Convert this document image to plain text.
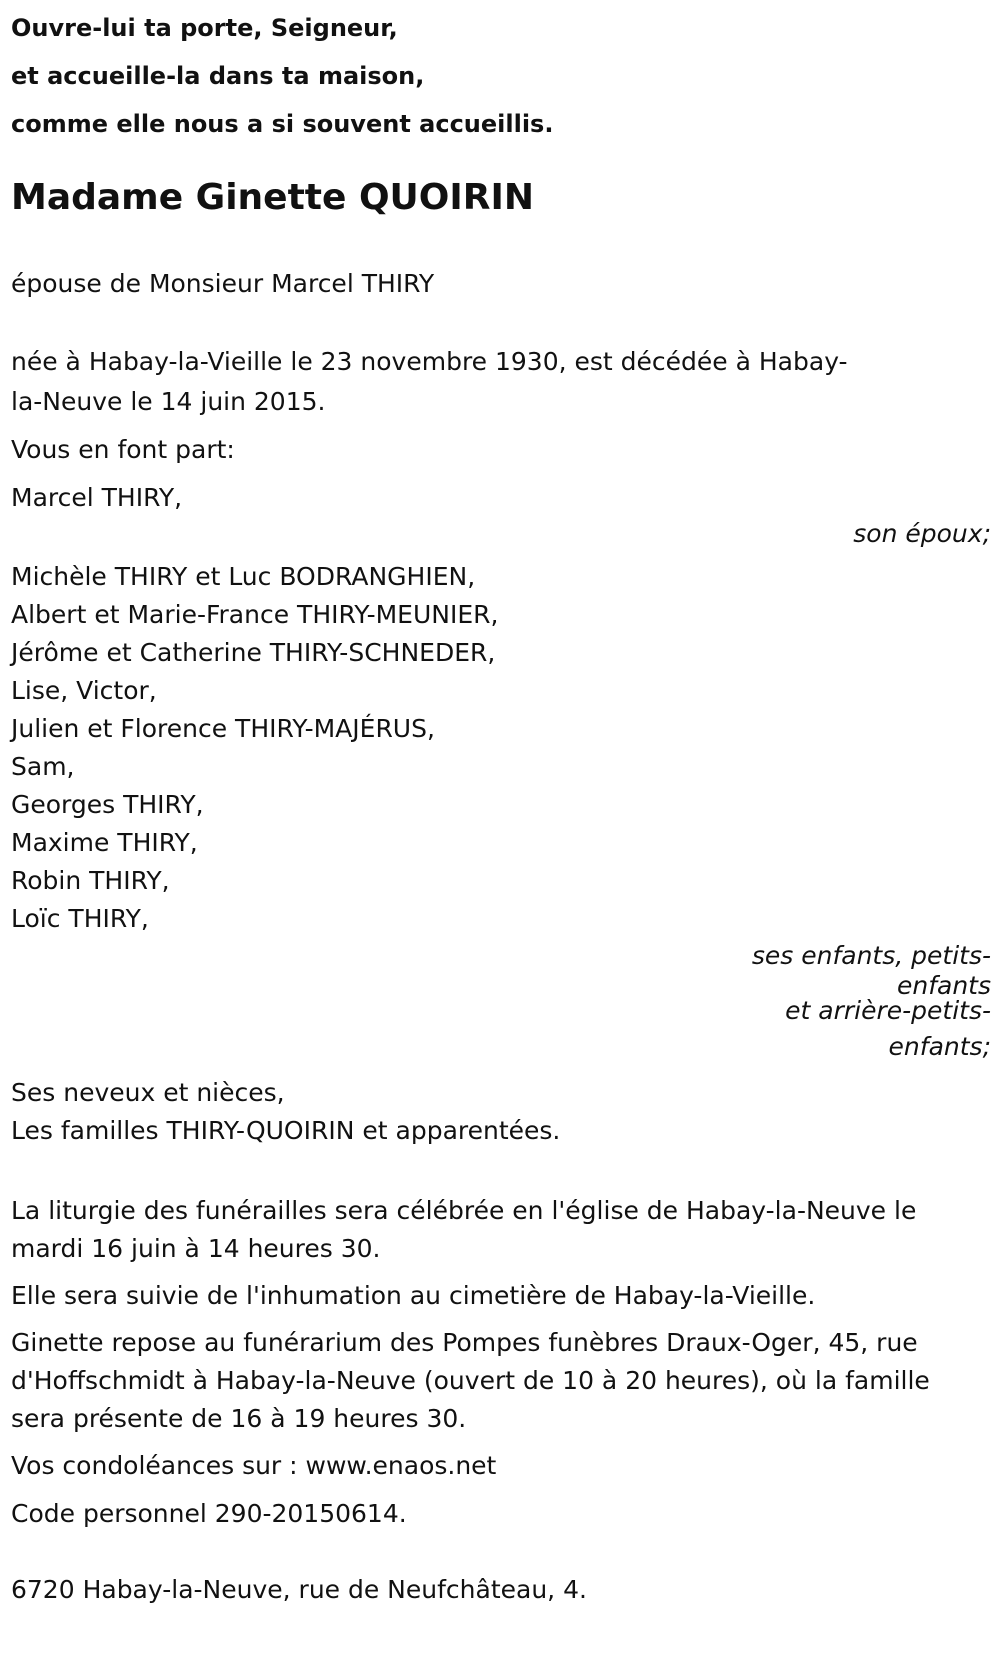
Ouvre-lui ta porte, Seigneur,
et accueille-la dans ta maison,
comme elle nous a si souvent accueillis.
Madame Ginette QUOIRIN
épouse de Monsieur Marcel THIRY
née à Habay-la-Vieille le 23 novembre 1930, est décédée à Habay-la-Neuve le 14 juin 2015.
Vous en font part:
Marcel THIRY,
son époux;
Michèle THIRY et Luc BODRANGHIEN,
Albert et Marie-France THIRY-MEUNIER,
Jérôme et Catherine THIRY-SCHNEDER,
Lise, Victor,
Julien et Florence THIRY-MAJÉRUS,
Sam,
Georges THIRY,
Maxime THIRY,
Robin THIRY,
Loïc THIRY,
ses enfants, petits-
enfants
et arrière-petits-
enfants;
Ses neveux et nièces,
Les familles THIRY-QUOIRIN et apparentées.
La liturgie des funérailles sera célébrée en l'église de Habay-la-Neuve le mardi 16 juin à 14 heures 30.
Elle sera suivie de l'inhumation au cimetière de Habay-la-Vieille.
Ginette repose au funérarium des Pompes funèbres Draux-Oger, 45, rue d'Hoffschmidt à Habay-la-Neuve (ouvert de 10 à 20 heures), où la famille sera présente de 16 à 19 heures 30.
Vos condoléances sur : www.enaos.net
Code personnel 290-20150614.
6720 Habay-la-Neuve, rue de Neufchâteau, 4.
